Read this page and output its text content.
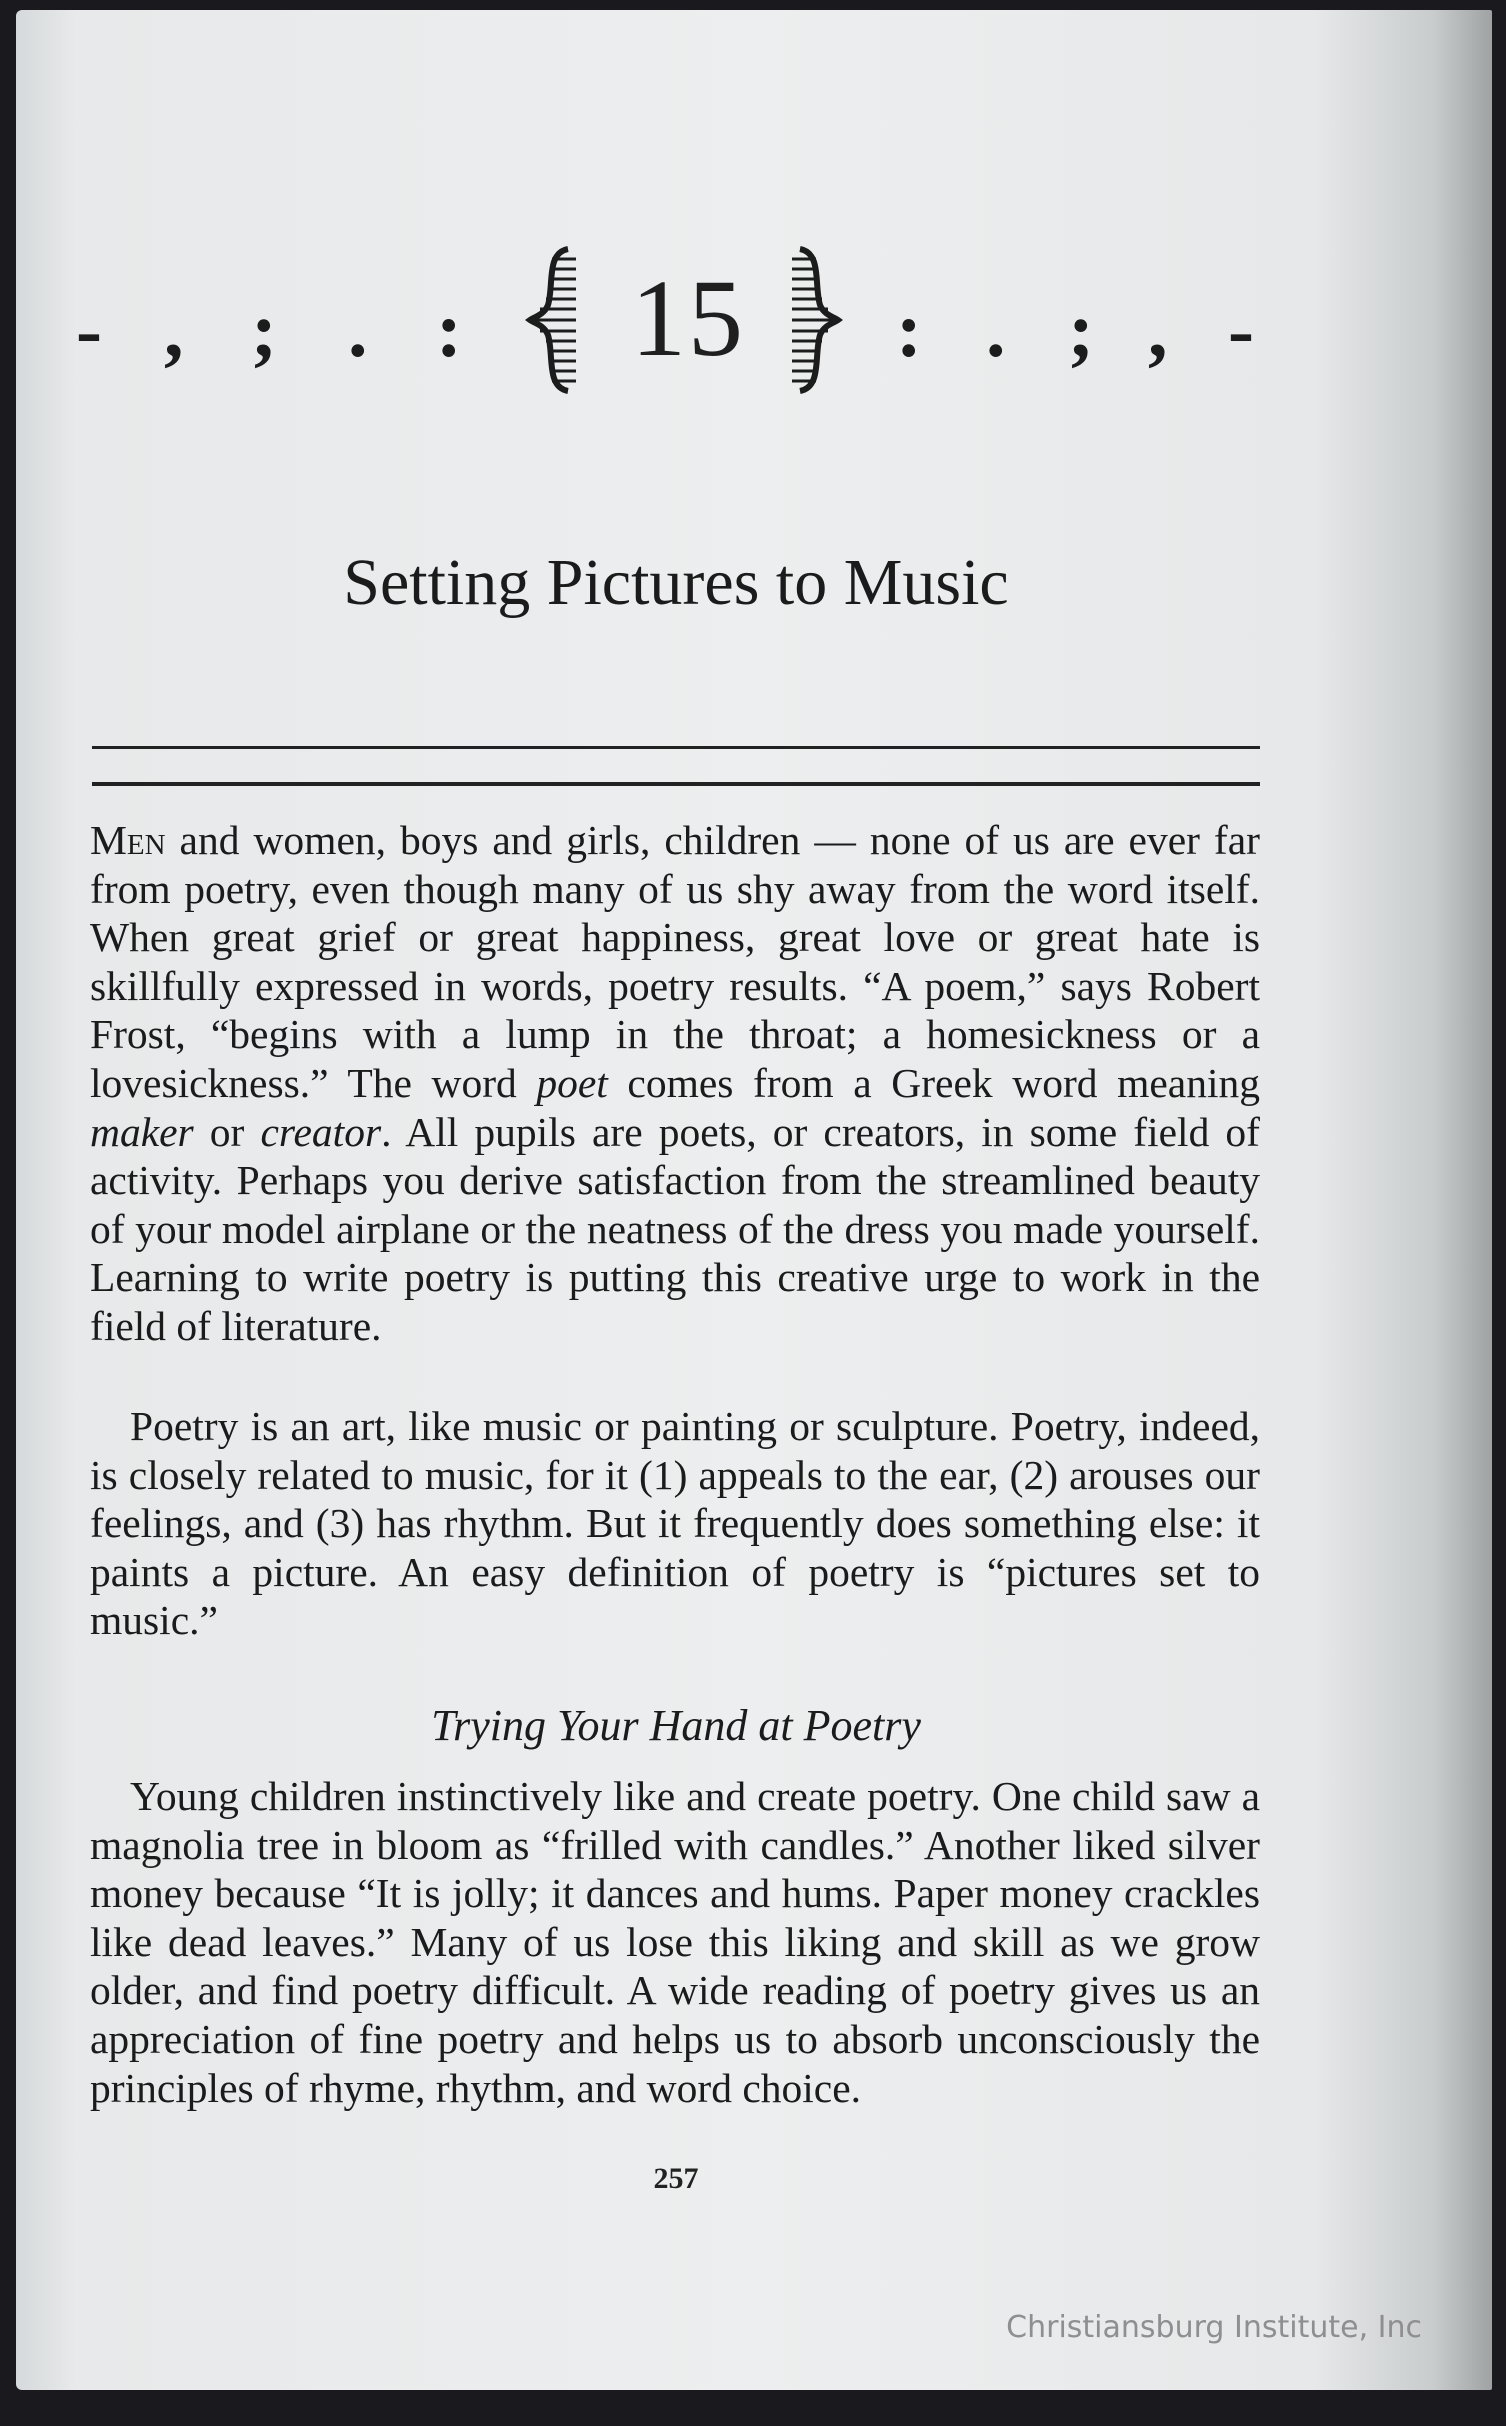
- , ; . : 15 : . ; , -
Setting Pictures to Music

Men and women, boys and girls, children — none of us are ever far from poetry, even though many of us shy away from the word itself. When great grief or great happiness, great love or great hate is skillfully expressed in words, poetry results. “A poem,” says Robert Frost, “begins with a lump in the throat; a homesickness or a lovesickness.” The word poet comes from a Greek word meaning maker or creator. All pupils are poets, or creators, in some field of activity. Perhaps you derive satisfaction from the streamlined beauty of your model airplane or the neatness of the dress you made yourself. Learning to write poetry is putting this creative urge to work in the field of literature.

Poetry is an art, like music or painting or sculpture. Poetry, indeed, is closely related to music, for it (1) appeals to the ear, (2) arouses our feelings, and (3) has rhythm. But it frequently does something else: it paints a picture. An easy definition of poetry is “pictures set to music.”

Trying Your Hand at Poetry

Young children instinctively like and create poetry. One child saw a magnolia tree in bloom as “frilled with candles.” Another liked silver money because “It is jolly; it dances and hums. Paper money crackles like dead leaves.” Many of us lose this liking and skill as we grow older, and find poetry difficult. A wide reading of poetry gives us an appreciation of fine poetry and helps us to absorb unconsciously the principles of rhyme, rhythm, and word choice.

257
Christiansburg Institute, Inc
